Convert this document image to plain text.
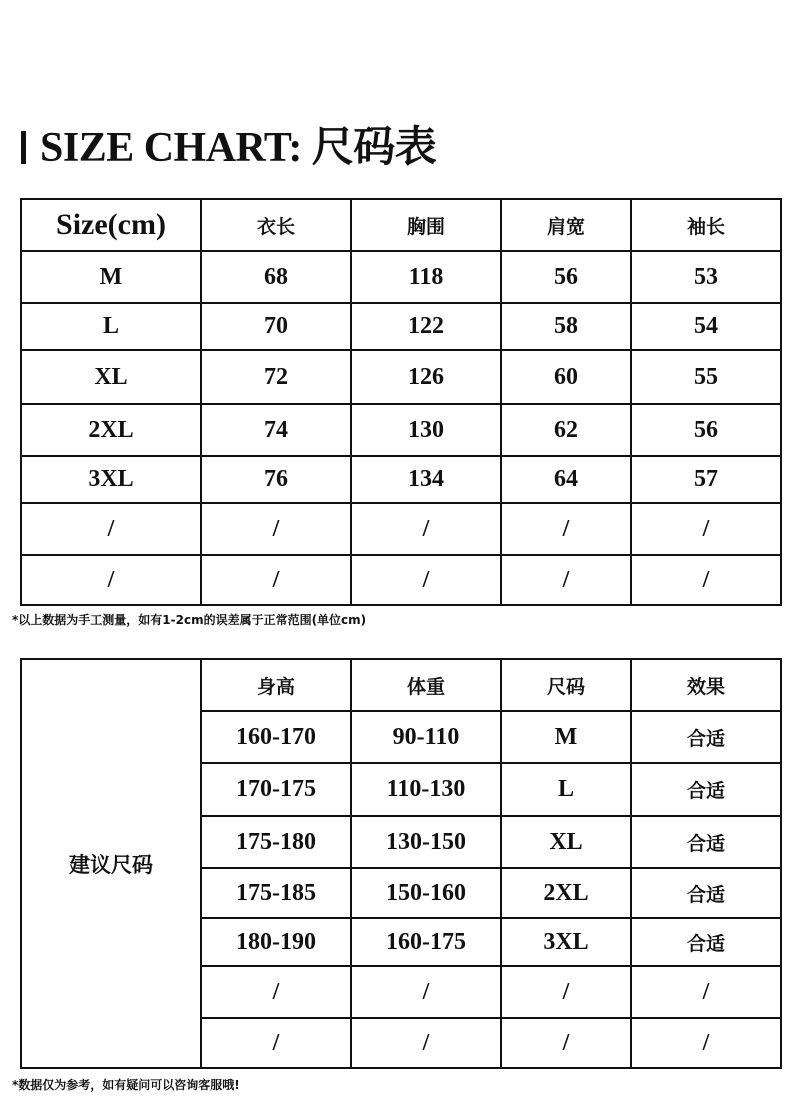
SIZE CHART: 尺码表
Size(cm)	衣长	胸围	肩宽	袖长
M	68	118	56	53
L	70	122	58	54
XL	72	126	60	55
2XL	74	130	62	56
3XL	76	134	64	57
/	/	/	/	/
/	/	/	/	/
*以上数据为手工测量，如有1-2cm的误差属于正常范围(单位cm)
建议尺码	身高	体重	尺码	效果
	160-170	90-110	M	合适
	170-175	110-130	L	合适
	175-180	130-150	XL	合适
	175-185	150-160	2XL	合适
	180-190	160-175	3XL	合适
	/	/	/	/
	/	/	/	/
*数据仅为参考，如有疑问可以咨询客服哦!
